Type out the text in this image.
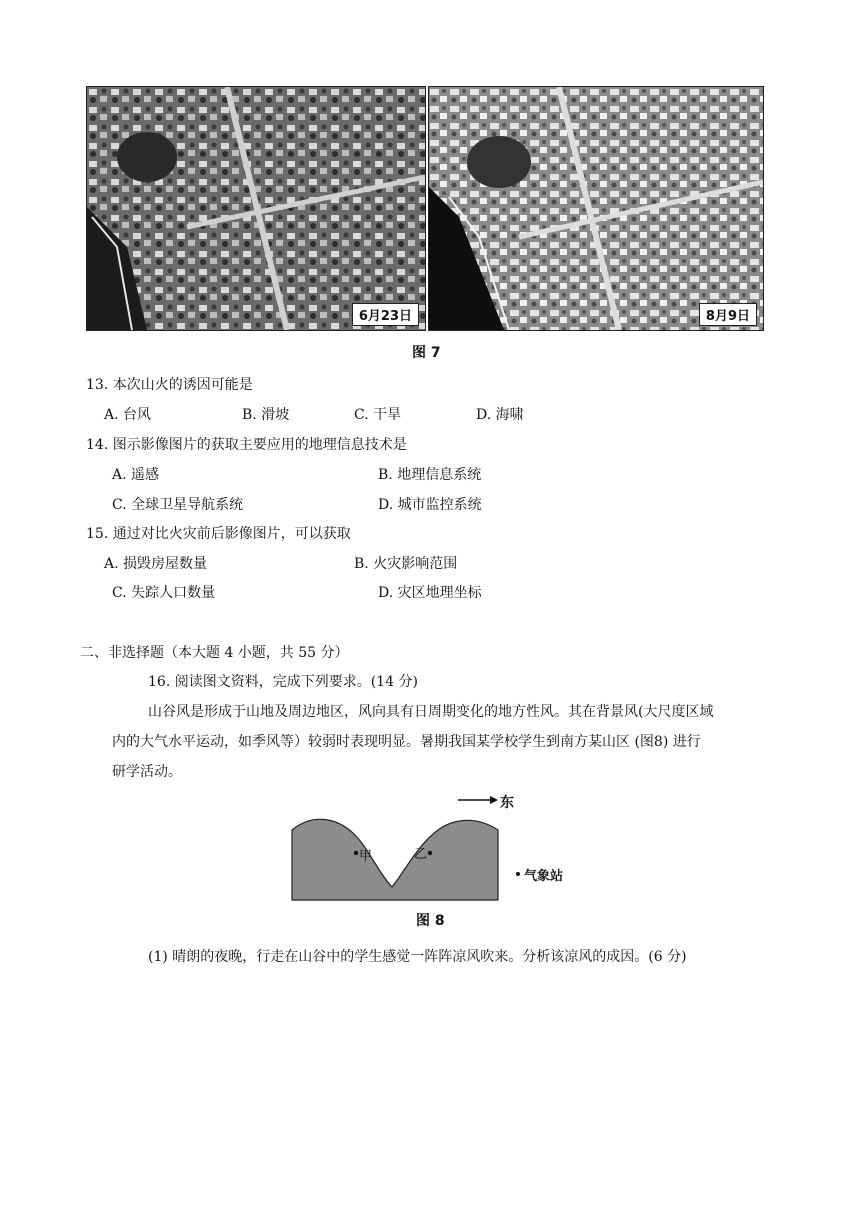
6月23日	8月9日
图 7
13. 本次山火的诱因可能是
A. 台风	B. 滑坡	C. 干旱	D. 海啸
14. 图示影像图片的获取主要应用的地理信息技术是
A. 遥感	B. 地理信息系统
C. 全球卫星导航系统	D. 城市监控系统
15. 通过对比火灾前后影像图片，可以获取
A. 损毁房屋数量	B. 火灾影响范围
C. 失踪人口数量	D. 灾区地理坐标
二、非选择题（本大题 4 小题，共 55 分）
16. 阅读图文资料，完成下列要求。(14 分)
山谷风是形成于山地及周边地区，风向具有日周期变化的地方性风。其在背景风(大尺度区域
内的大气水平运动，如季风等）较弱时表现明显。暑期我国某学校学生到南方某山区 (图8) 进行
研学活动。
东
甲	乙
气象站
图 8
(1) 晴朗的夜晚，行走在山谷中的学生感觉一阵阵凉风吹来。分析该凉风的成因。(6 分)
